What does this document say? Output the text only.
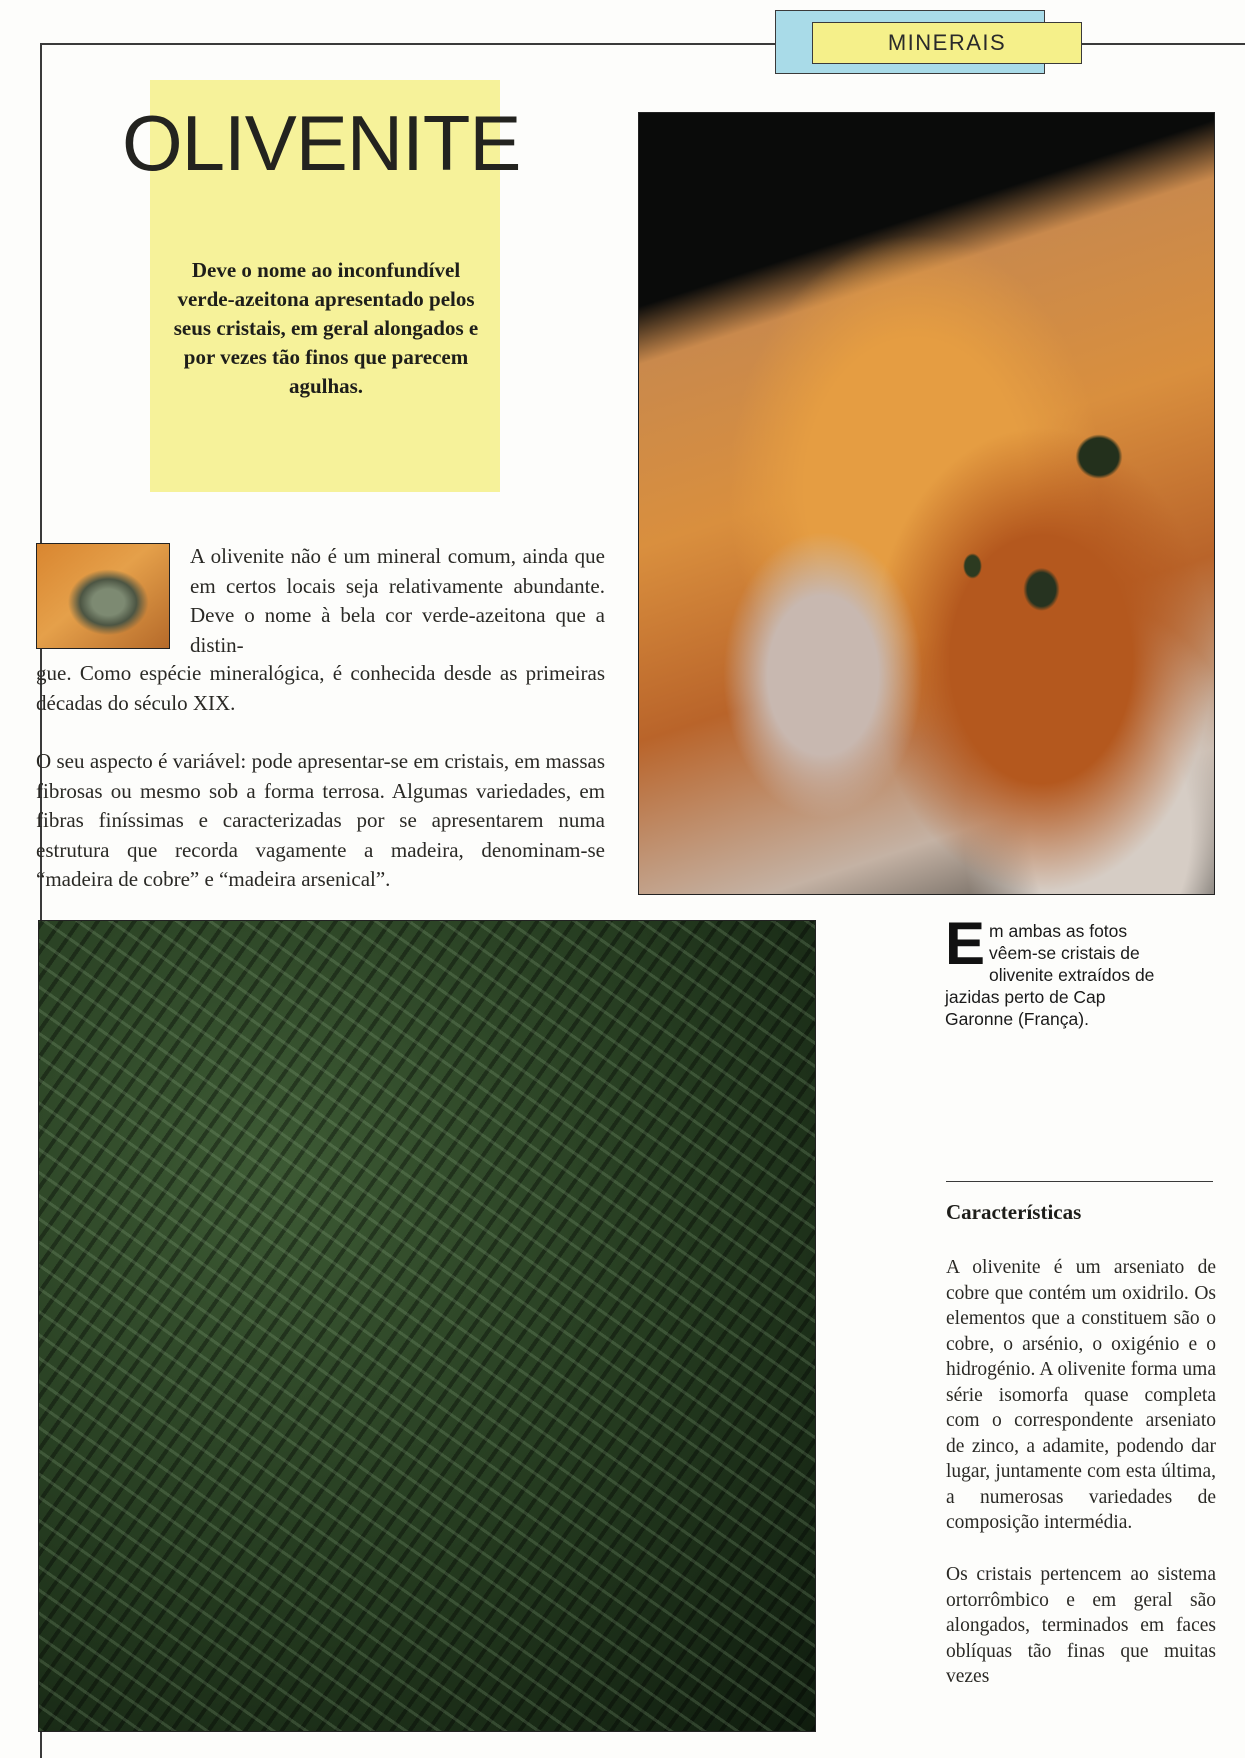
MINERAIS
OLIVENITE

Deve o nome ao inconfundível verde-azeitona apresentado pelos seus cristais, em geral alongados e por vezes tão finos que parecem agulhas.

A olivenite não é um mineral comum, ainda que em certos locais seja relativamente abundante. Deve o nome à bela cor verde-azeitona que a distin-

gue. Como espécie mineralógica, é conhecida desde as primeiras décadas do século XIX.

O seu aspecto é variável: pode apresentar-se em cristais, em massas fibrosas ou mesmo sob a forma terrosa. Algumas variedades, em fibras finíssimas e caracterizadas por se apresentarem numa estrutura que recorda vagamente a madeira, denominam-se “madeira de cobre” e “madeira arsenical”.

E m ambas as fotos vêem-se cristais de olivenite extraídos de jazidas perto de Cap Garonne (França).

Características

A olivenite é um arseniato de cobre que contém um oxidrilo. Os elementos que a constituem são o cobre, o arsénio, o oxigénio e o hidrogénio. A olivenite forma uma série isomorfa quase completa com o correspondente arseniato de zinco, a adamite, podendo dar lugar, juntamente com esta última, a numerosas variedades de composição intermédia.

Os cristais pertencem ao sistema ortorrômbico e em geral são alongados, terminados em faces oblíquas tão finas que muitas vezes
